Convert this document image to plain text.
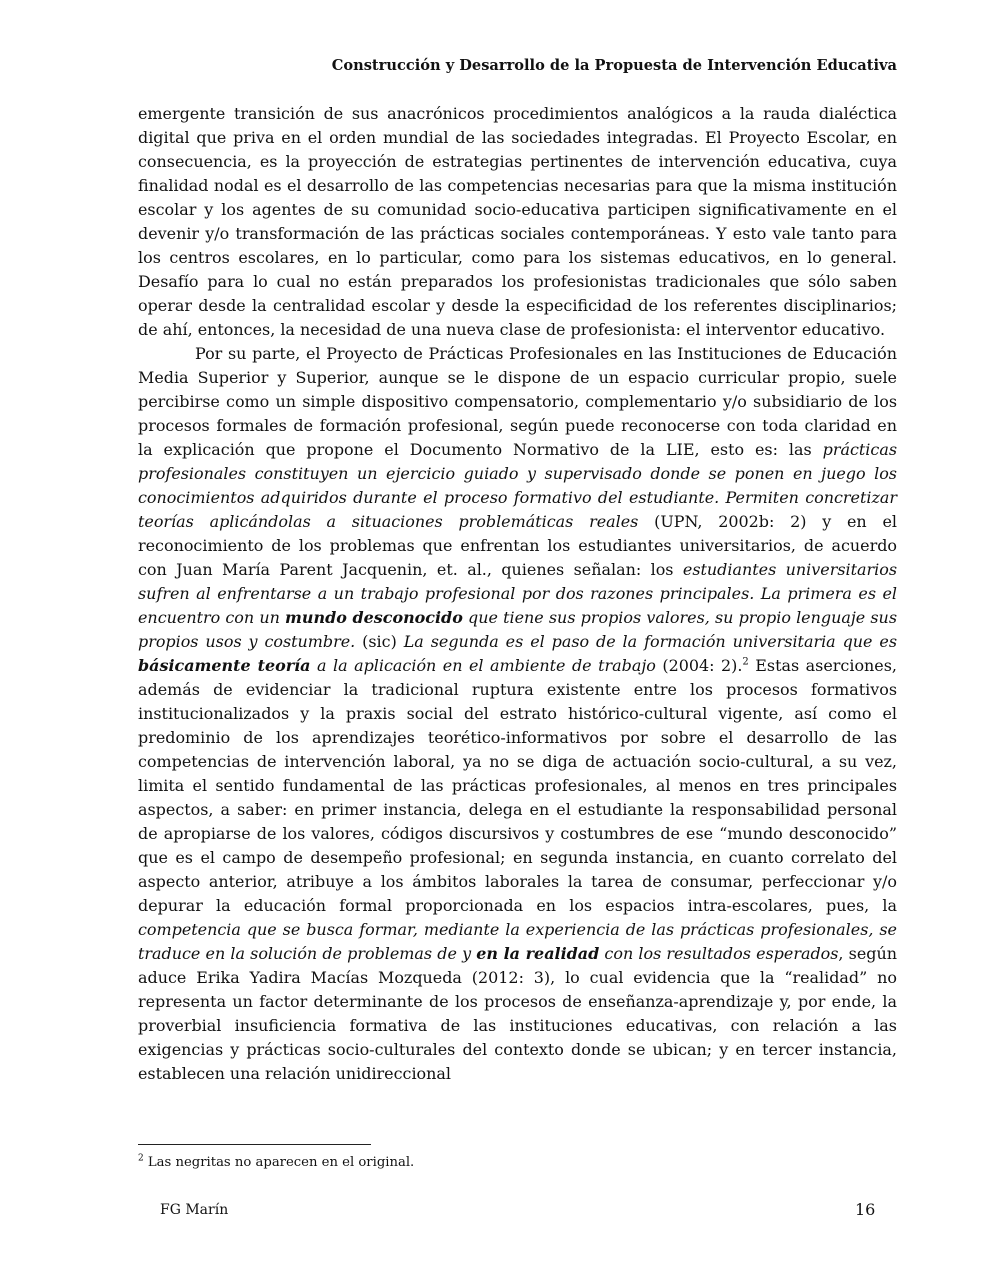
Construcción y Desarrollo de la Propuesta de Intervención Educativa

emergente transición de sus anacrónicos procedimientos analógicos a la rauda dialéctica digital que priva en el orden mundial de las sociedades integradas. El Proyecto Escolar, en consecuencia, es la proyección de estrategias pertinentes de intervención educativa, cuya finalidad nodal es el desarrollo de las competencias necesarias para que la misma institución escolar y los agentes de su comunidad socio-educativa participen significativamente en el devenir y/o transformación de las prácticas sociales contemporáneas. Y esto vale tanto para los centros escolares, en lo particular, como para los sistemas educativos, en lo general. Desafío para lo cual no están preparados los profesionistas tradicionales que sólo saben operar desde la centralidad escolar y desde la especificidad de los referentes disciplinarios; de ahí, entonces, la necesidad de una nueva clase de profesionista: el interventor educativo.

Por su parte, el Proyecto de Prácticas Profesionales en las Instituciones de Educación Media Superior y Superior, aunque se le dispone de un espacio curricular propio, suele percibirse como un simple dispositivo compensatorio, complementario y/o subsidiario de los procesos formales de formación profesional, según puede reconocerse con toda claridad en la explicación que propone el Documento Normativo de la LIE, esto es: las prácticas profesionales constituyen un ejercicio guiado y supervisado donde se ponen en juego los conocimientos adquiridos durante el proceso formativo del estudiante. Permiten concretizar teorías aplicándolas a situaciones problemáticas reales (UPN, 2002b: 2) y en el reconocimiento de los problemas que enfrentan los estudiantes universitarios, de acuerdo con Juan María Parent Jacquenin, et. al., quienes señalan: los estudiantes universitarios sufren al enfrentarse a un trabajo profesional por dos razones principales. La primera es el encuentro con un mundo desconocido que tiene sus propios valores, su propio lenguaje sus propios usos y costumbre. (sic) La segunda es el paso de la formación universitaria que es básicamente teoría a la aplicación en el ambiente de trabajo (2004: 2).$^2$ Estas aserciones, además de evidenciar la tradicional ruptura existente entre los procesos formativos institucionalizados y la praxis social del estrato histórico-cultural vigente, así como el predominio de los aprendizajes teorético-informativos por sobre el desarrollo de las competencias de intervención laboral, ya no se diga de actuación socio-cultural, a su vez, limita el sentido fundamental de las prácticas profesionales, al menos en tres principales aspectos, a saber: en primer instancia, delega en el estudiante la responsabilidad personal de apropiarse de los valores, códigos discursivos y costumbres de ese “mundo desconocido” que es el campo de desempeño profesional; en segunda instancia, en cuanto correlato del aspecto anterior, atribuye a los ámbitos laborales la tarea de consumar, perfeccionar y/o depurar la educación formal proporcionada en los espacios intra-escolares, pues, la competencia que se busca formar, mediante la experiencia de las prácticas profesionales, se traduce en la solución de problemas de y en la realidad con los resultados esperados, según aduce Erika Yadira Macías Mozqueda (2012: 3), lo cual evidencia que la “realidad” no representa un factor determinante de los procesos de enseñanza-aprendizaje y, por ende, la proverbial insuficiencia formativa de las instituciones educativas, con relación a las exigencias y prácticas socio-culturales del contexto donde se ubican; y en tercer instancia, establecen una relación unidireccional

$^2$ Las negritas no aparecen en el original.
FG Marín	16
